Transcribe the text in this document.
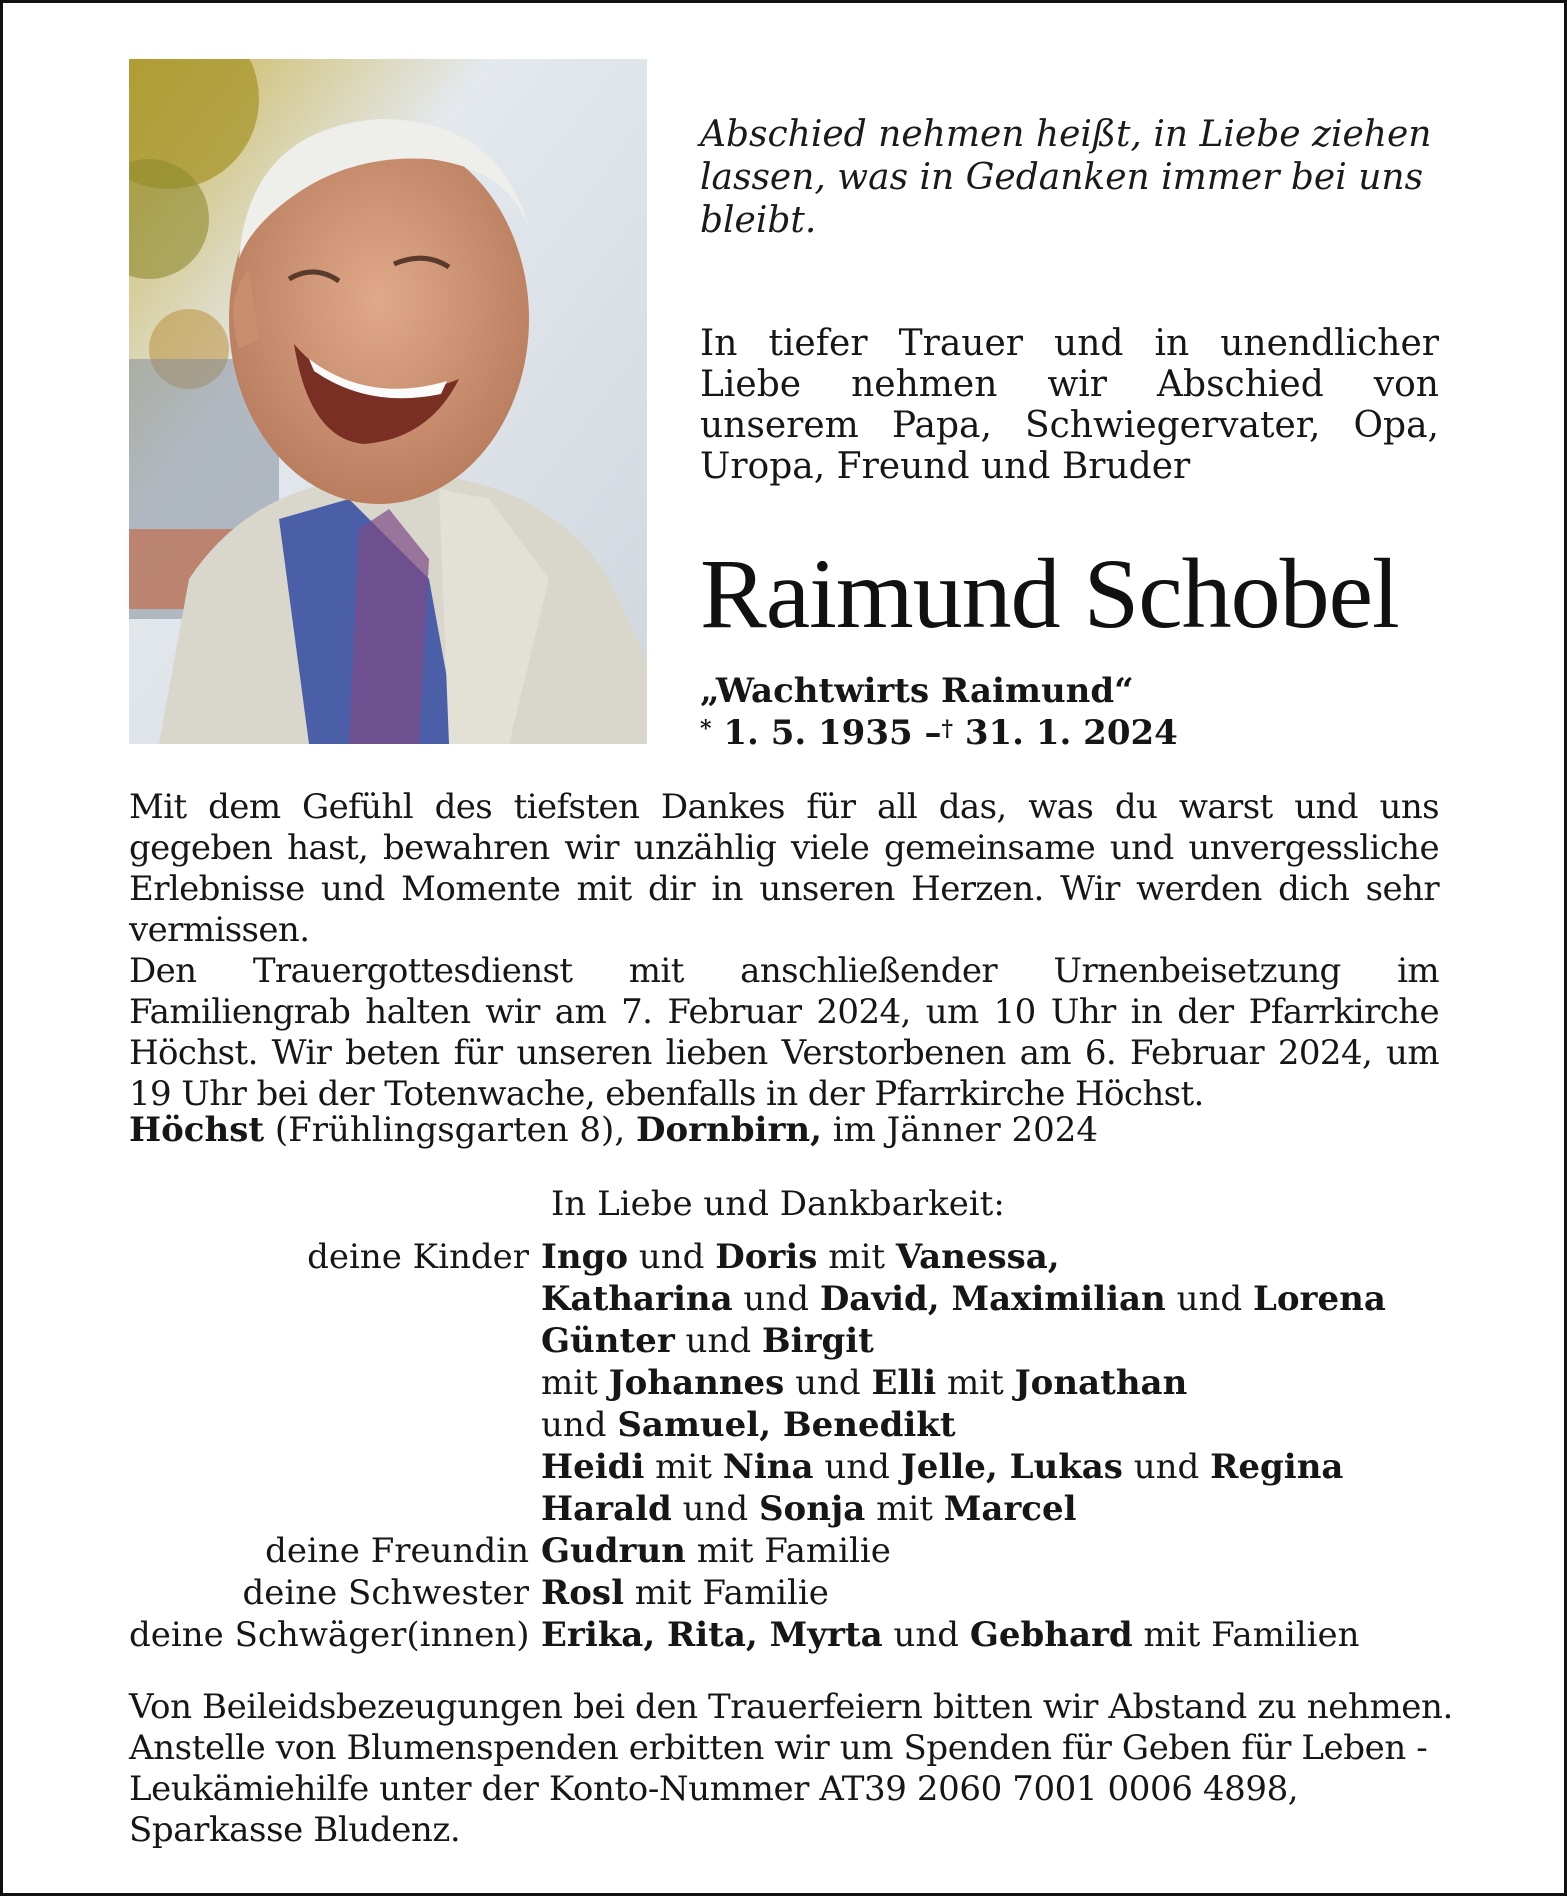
Abschied nehmen heißt, in Liebe ziehen
lassen, was in Gedanken immer bei uns bleibt.
In tiefer Trauer und in unendlicher Liebe nehmen wir Abschied von unserem Papa, Schwiegervater, Opa, Uropa, Freund und Bruder
Raimund Schobel
„Wachtwirts Raimund“
* 1. 5. 1935 –† 31. 1. 2024
Mit dem Gefühl des tiefsten Dankes für all das, was du warst und uns gegeben hast, bewahren wir unzählig viele gemeinsame und unvergessliche Erlebnisse und Momente mit dir in unseren Herzen. Wir werden dich sehr vermissen.
Den Trauergottesdienst mit anschließender Urnenbeisetzung im Familiengrab halten wir am 7. Februar 2024, um 10 Uhr in der Pfarrkirche Höchst. Wir beten für unseren lieben Verstorbenen am 6. Februar 2024, um 19 Uhr bei der Totenwache, ebenfalls in der Pfarrkirche Höchst.
Höchst (Frühlingsgarten 8), Dornbirn, im Jänner 2024
In Liebe und Dankbarkeit:
deine Kinder Ingo und Doris mit Vanessa,
Katharina und David, Maximilian und Lorena
Günter und Birgit
mit Johannes und Elli mit Jonathan
und Samuel, Benedikt
Heidi mit Nina und Jelle, Lukas und Regina
Harald und Sonja mit Marcel
deine Freundin Gudrun mit Familie
deine Schwester Rosl mit Familie
deine Schwäger(innen) Erika, Rita, Myrta und Gebhard mit Familien
Von Beileidsbezeugungen bei den Trauerfeiern bitten wir Abstand zu nehmen.
Anstelle von Blumenspenden erbitten wir um Spenden für Geben für Leben -
Leukämiehilfe unter der Konto-Nummer AT39 2060 7001 0006 4898,
Sparkasse Bludenz.
